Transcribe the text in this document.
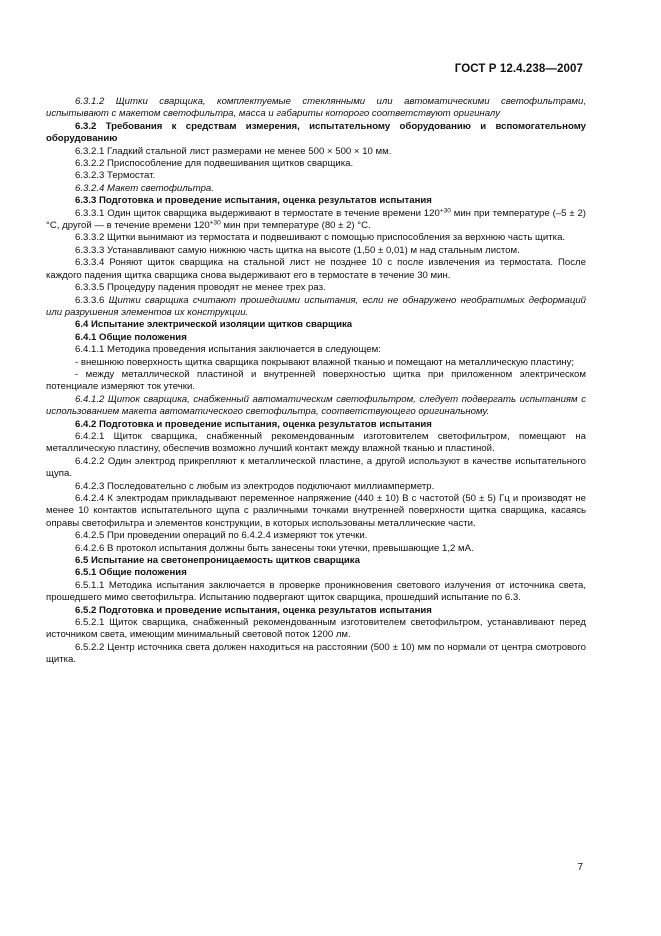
ГОСТ Р 12.4.238—2007

6.3.1.2 Щитки сварщика, комплектуемые стеклянными или автоматическими светофильтрами, испытывают с макетом светофильтра, масса и габариты которого соответствуют оригиналу

6.3.2 Требования к средствам измерения, испытательному оборудованию и вспомогательному оборудованию

6.3.2.1 Гладкий стальной лист размерами не менее 500 × 500 × 10 мм.

6.3.2.2 Приспособление для подвешивания щитков сварщика.

6.3.2.3 Термостат.

6.3.2.4 Макет светофильтра.

6.3.3 Подготовка и проведение испытания, оценка результатов испытания

6.3.3.1 Один щиток сварщика выдерживают в термостате в течение времени $120^{+30}$ мин при температуре (–5 ± 2) °С, другой — в течение времени $120^{+30}$ мин при температуре (80 ± 2) °С.

6.3.3.2 Щитки вынимают из термостата и подвешивают с помощью приспособления за верхнюю часть щитка.

6.3.3.3 Устанавливают самую нижнюю часть щитка на высоте (1,50 ± 0,01) м над стальным листом.

6.3.3.4 Роняют щиток сварщика на стальной лист не позднее 10 с после извлечения из термостата. После каждого падения щитка сварщика снова выдерживают его в термостате в течение 30 мин.

6.3.3.5 Процедуру падения проводят не менее трех раз.

6.3.3.6 Щитки сварщика считают прошедшими испытания, если не обнаружено необратимых деформаций или разрушения элементов их конструкции.

6.4 Испытание электрической изоляции щитков сварщика

6.4.1 Общие положения

6.4.1.1 Методика проведения испытания заключается в следующем:

- внешнюю поверхность щитка сварщика покрывают влажной тканью и помещают на металлическую пластину;

- между металлической пластиной и внутренней поверхностью щитка при приложенном электрическом потенциале измеряют ток утечки.

6.4.1.2 Щиток сварщика, снабженный автоматическим светофильтром, следует подвергать испытаниям с использованием макета автоматического светофильтра, соответствующего оригинальному.

6.4.2 Подготовка и проведение испытания, оценка результатов испытания

6.4.2.1 Щиток сварщика, снабженный рекомендованным изготовителем светофильтром, помещают на металлическую пластину, обеспечив возможно лучший контакт между влажной тканью и пластиной.

6.4.2.2 Один электрод прикрепляют к металлической пластине, а другой используют в качестве испытательного щупа.

6.4.2.3 Последовательно с любым из электродов подключают миллиамперметр.

6.4.2.4 К электродам прикладывают переменное напряжение (440 ± 10) В с частотой (50 ± 5) Гц и производят не менее 10 контактов испытательного щупа с различными точками внутренней поверхности щитка сварщика, касаясь оправы светофильтра и элементов конструкции, в которых использованы металлические части.

6.4.2.5 При проведении операций по 6.4.2.4 измеряют ток утечки.

6.4.2.6 В протокол испытания должны быть занесены токи утечки, превышающие 1,2 мА.

6.5 Испытание на светонепроницаемость щитков сварщика

6.5.1 Общие положения

6.5.1.1 Методика испытания заключается в проверке проникновения светового излучения от источника света, прошедшего мимо светофильтра. Испытанию подвергают щиток сварщика, прошедший испытание по 6.3.

6.5.2 Подготовка и проведение испытания, оценка результатов испытания

6.5.2.1 Щиток сварщика, снабженный рекомендованным изготовителем светофильтром, устанавливают перед источником света, имеющим минимальный световой поток 1200 лм.

6.5.2.2 Центр источника света должен находиться на расстоянии (500 ± 10) мм по нормали от центра смотрового щитка.

7
